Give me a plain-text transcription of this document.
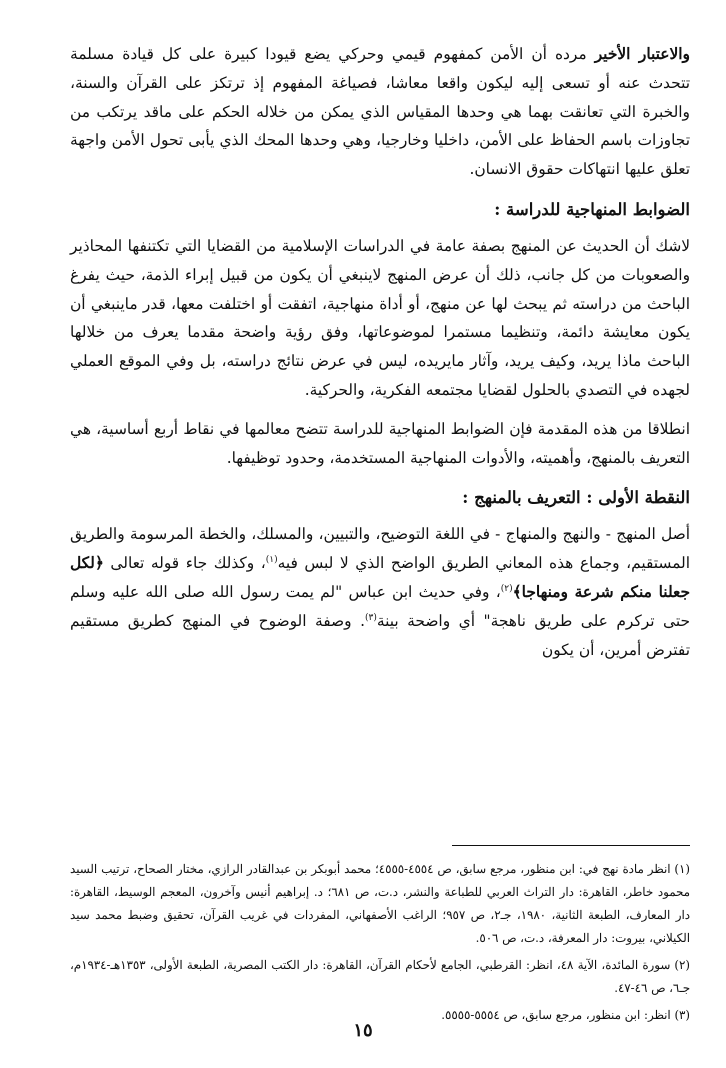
والاعتبار الأخير مرده أن الأمن كمفهوم قيمي وحركي يضع قيودا كبيرة على كل قيادة مسلمة تتحدث عنه أو تسعى إليه ليكون واقعا معاشا، فصياغة المفهوم إذ ترتكز على القرآن والسنة، والخبرة التي تعانقت بهما هي وحدها المقياس الذي يمكن من خلاله الحكم على ماقد يرتكب من تجاوزات باسم الحفاظ على الأمن، داخليا وخارجيا، وهي وحدها المحك الذي يأبى تحول الأمن واجهة تعلق عليها انتهاكات حقوق الانسان.

الضوابط المنهاجية للدراسة :

لاشك أن الحديث عن المنهج بصفة عامة في الدراسات الإسلامية من القضايا التي تكتنفها المحاذير والصعوبات من كل جانب، ذلك أن عرض المنهج لاينبغي أن يكون من قبيل إبراء الذمة، حيث يفرغ الباحث من دراسته ثم يبحث لها عن منهج، أو أداة منهاجية، اتفقت أو اختلفت معها، قدر ماينبغي أن يكون معايشة دائمة، وتنظيما مستمرا لموضوعاتها، وفق رؤية واضحة مقدما يعرف من خلالها الباحث ماذا يريد، وكيف يريد، وآثار مايريده، ليس في عرض نتائج دراسته، بل وفي الموقع العملي لجهده في التصدي بالحلول لقضايا مجتمعه الفكرية، والحركية.

انطلاقا من هذه المقدمة فإن الضوابط المنهاجية للدراسة تتضح معالمها في نقاط أربع أساسية، هي التعريف بالمنهج، وأهميته، والأدوات المنهاجية المستخدمة، وحدود توظيفها.

النقطة الأولى : التعريف بالمنهج :

أصل المنهج - والنهج والمنهاج - في اللغة التوضيح، والتبيين، والمسلك، والخطة المرسومة والطريق المستقيم، وجماع هذه المعاني الطريق الواضح الذي لا لبس فيه$^{(١)}$، وكذلك جاء قوله تعالى ﴿لكل جعلنا منكم شرعة ومنهاجا﴾$^{(٢)}$، وفي حديث ابن عباس "لم يمت رسول الله صلى الله عليه وسلم حتى تركرم على طريق ناهجة" أي واضحة بينة$^{(٣)}$. وصفة الوضوح في المنهج كطريق مستقيم تفترض أمرين، أن يكون

(١) انظر مادة نهج في: ابن منظور، مرجع سابق، ص ٤٥٥٤-٤٥٥٥؛ محمد أبوبكر بن عبدالقادر الرازي، مختار الصحاح، ترتيب السيد محمود خاطر، القاهرة: دار التراث العربي للطباعة والنشر، د.ت، ص ٦٨١؛ د. إبراهيم أنيس وآخرون، المعجم الوسيط، القاهرة: دار المعارف، الطبعة الثانية، ١٩٨٠، جـ٢، ص ٩٥٧؛ الراغب الأصفهاني، المفردات في غريب القرآن، تحقيق وضبط محمد سيد الكيلاني، بيروت: دار المعرفة، د.ت، ص ٥٠٦.

(٢) سورة المائدة، الآية ٤٨، انظر: القرطبي، الجامع لأحكام القرآن، القاهرة: دار الكتب المصرية، الطبعة الأولى، ١٣٥٣هـ-١٩٣٤م، جـ٦، ص ٤٦-٤٧.

(٣) انظر: ابن منظور، مرجع سابق، ص ٥٥٥٤-٥٥٥٥.

١٥
